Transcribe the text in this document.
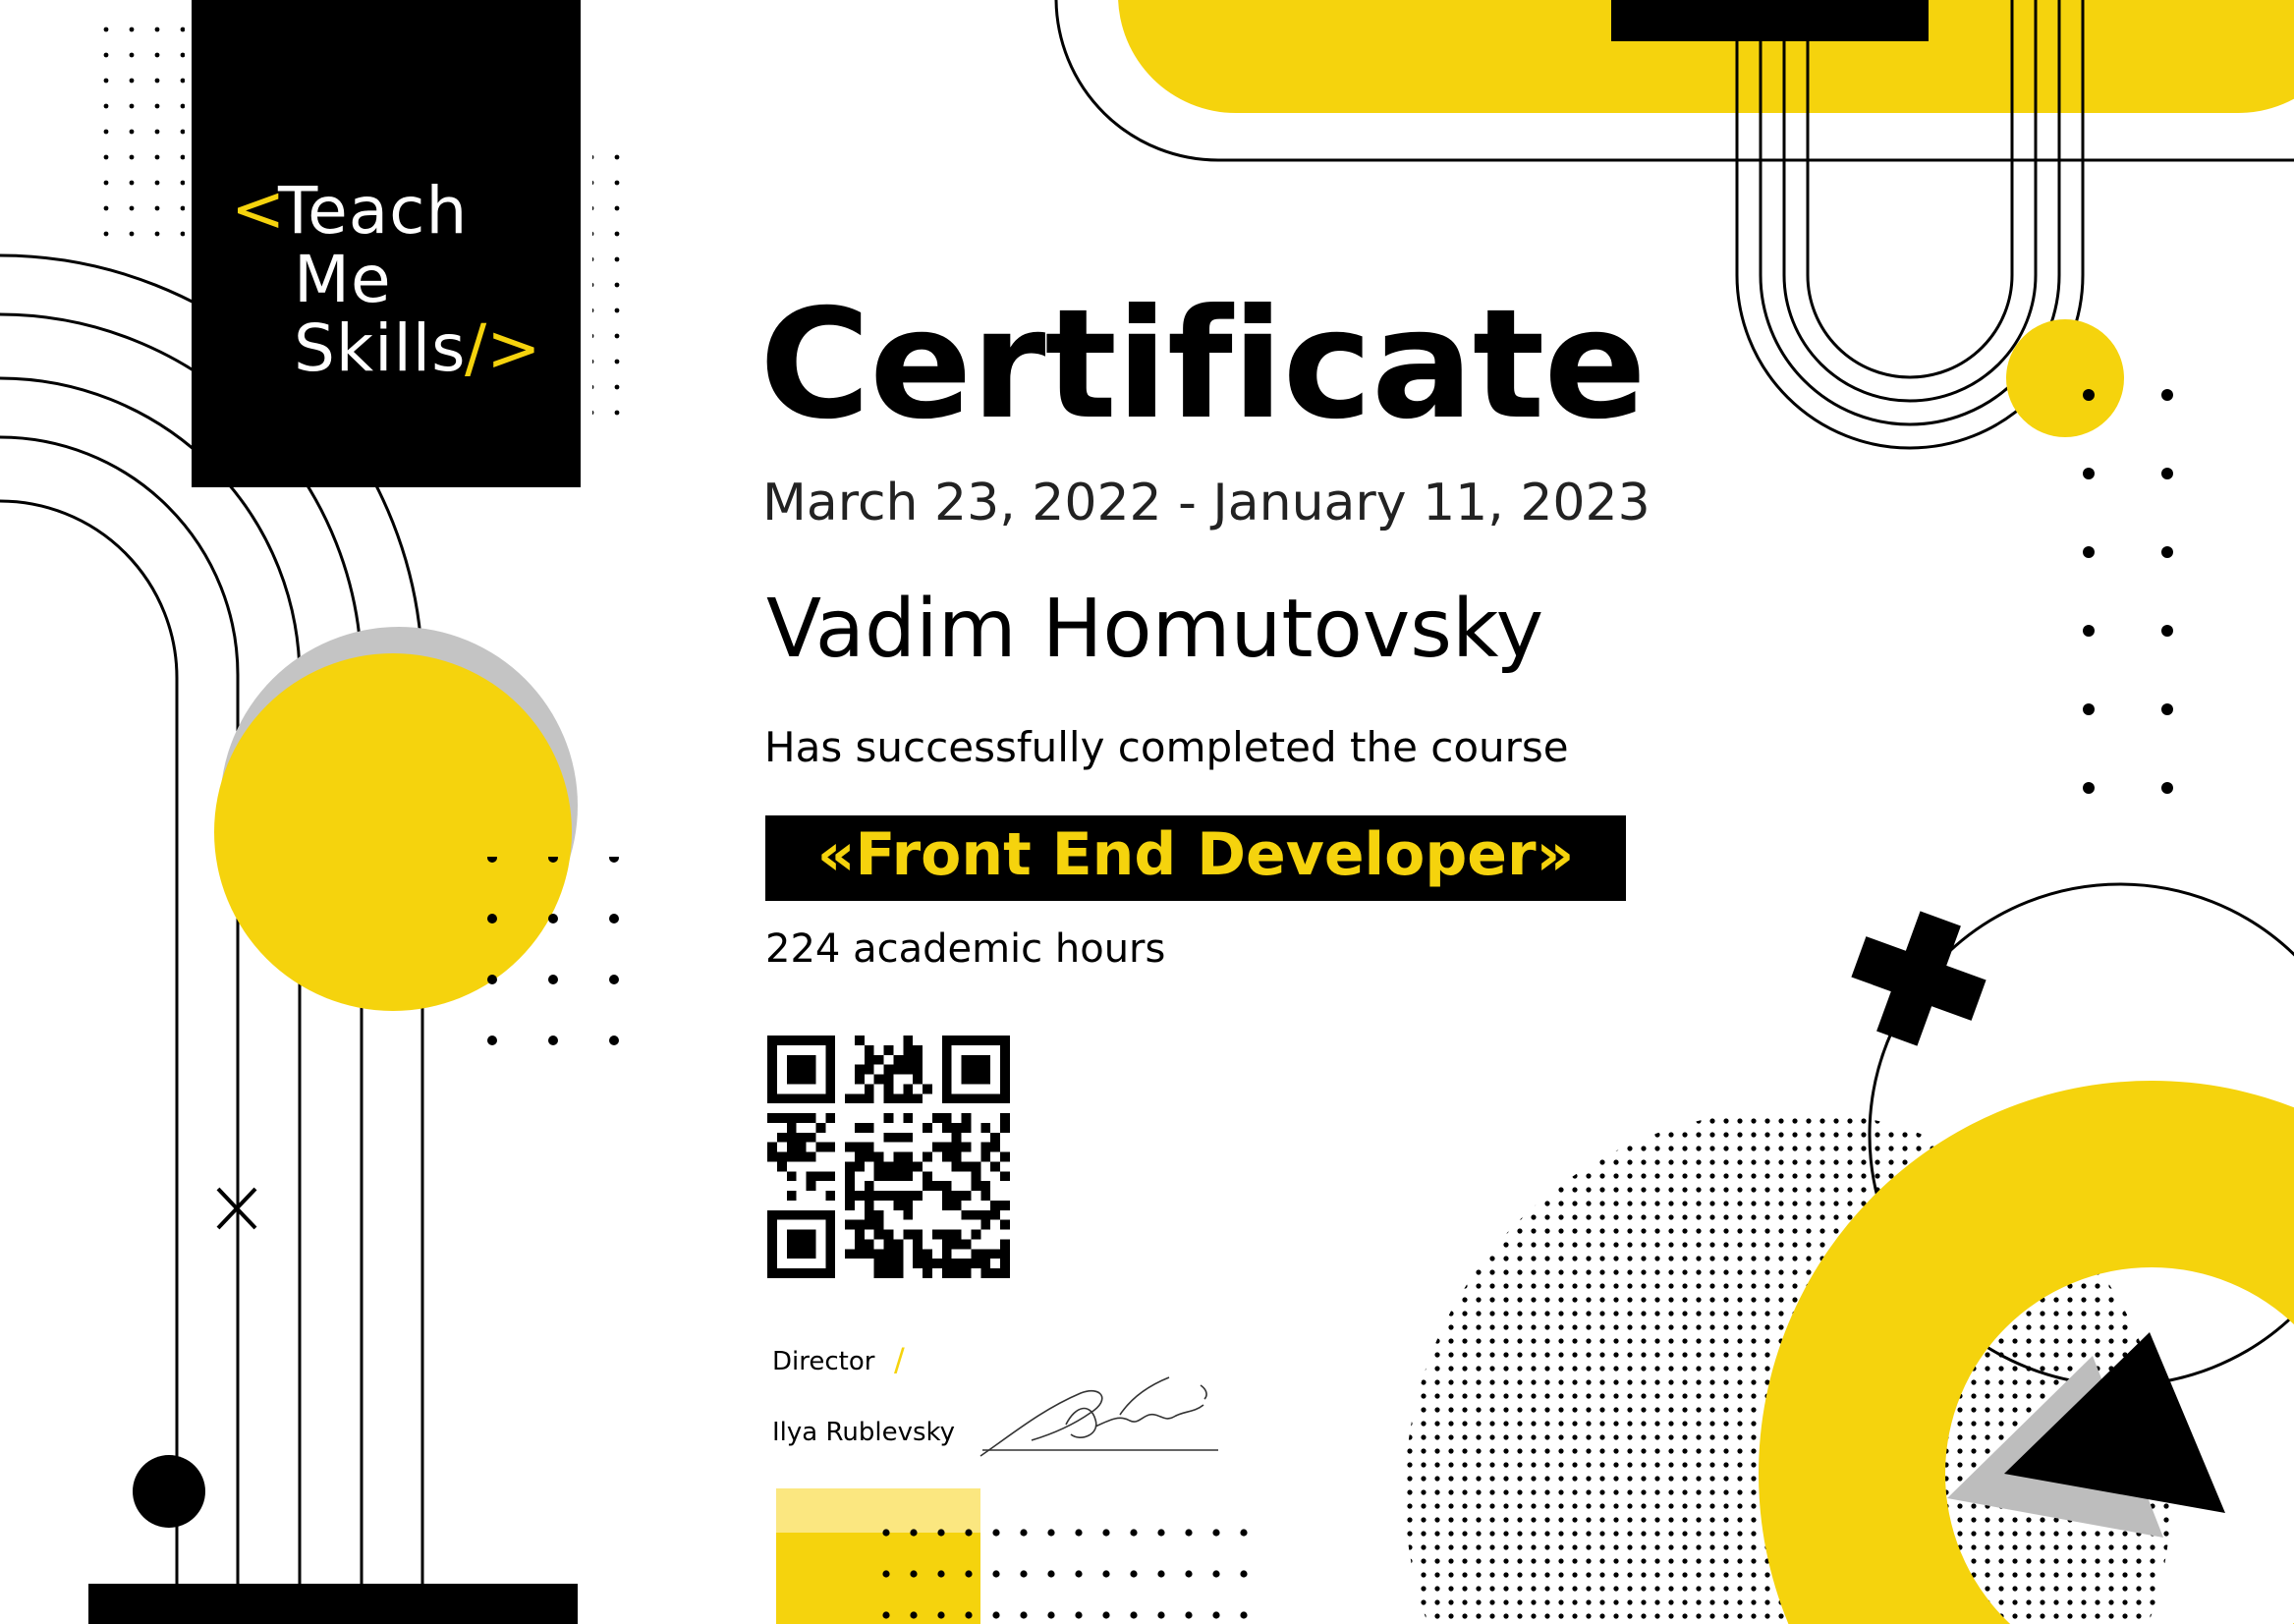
<
Teach
Me
Skills
/> Certificate
March 23, 2022 - January 11, 2023
Vadim Homutovsky
Has successfully completed the course
«Front End Developer»
224 academic hours
Director /
Ilya Rublevsky
